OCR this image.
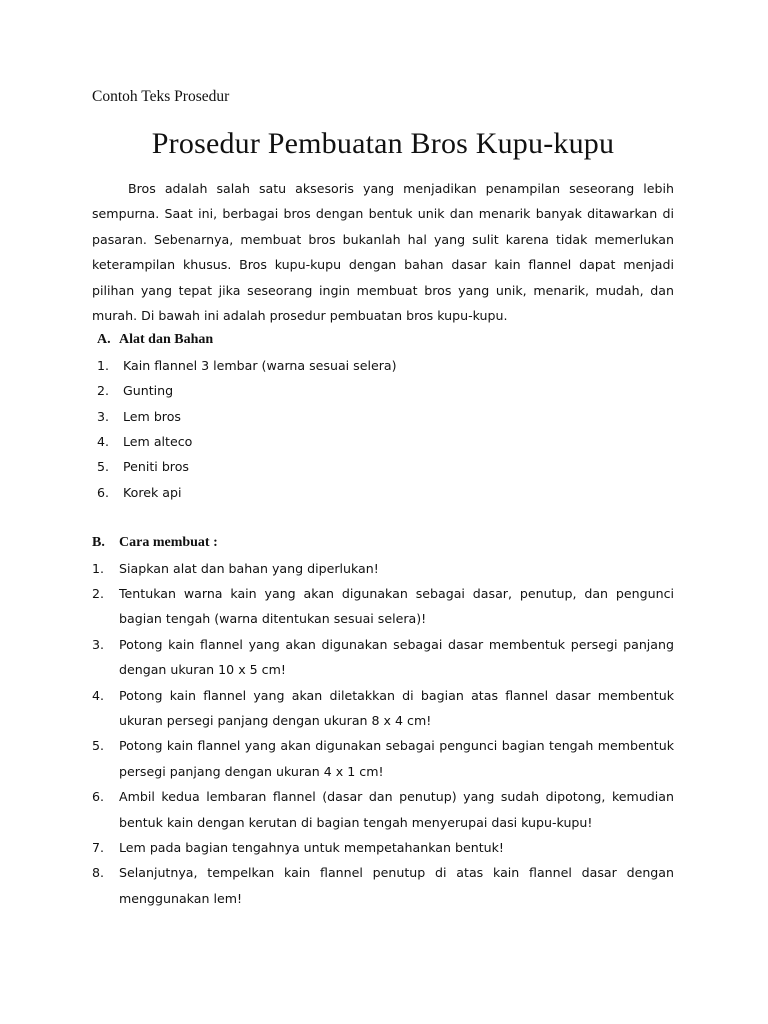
Contoh Teks Prosedur
Prosedur Pembuatan Bros Kupu-kupu

Bros adalah salah satu aksesoris yang menjadikan penampilan seseorang lebih sempurna. Saat ini, berbagai bros dengan bentuk unik dan menarik banyak ditawarkan di pasaran. Sebenarnya, membuat bros bukanlah hal yang sulit karena tidak memerlukan keterampilan khusus. Bros kupu-kupu dengan bahan dasar kain flannel dapat menjadi pilihan yang tepat jika seseorang ingin membuat bros yang unik, menarik, mudah, dan murah. Di bawah ini adalah prosedur pembuatan bros kupu-kupu.

A. Alat dan Bahan
1. Kain flannel 3 lembar (warna sesuai selera)
2. Gunting
3. Lem bros
4. Lem alteco
5. Peniti bros
6. Korek api
B. Cara membuat :
1. Siapkan alat dan bahan yang diperlukan!
2. Tentukan warna kain yang akan digunakan sebagai dasar, penutup, dan pengunci bagian tengah (warna ditentukan sesuai selera)!
3. Potong kain flannel yang akan digunakan sebagai dasar membentuk persegi panjang dengan ukuran 10 x 5 cm!
4. Potong kain flannel yang akan diletakkan di bagian atas flannel dasar membentuk ukuran persegi panjang dengan ukuran 8 x 4 cm!
5. Potong kain flannel yang akan digunakan sebagai pengunci bagian tengah membentuk persegi panjang dengan ukuran 4 x 1 cm!
6. Ambil kedua lembaran flannel (dasar dan penutup) yang sudah dipotong, kemudian bentuk kain dengan kerutan di bagian tengah menyerupai dasi kupu-kupu!
7. Lem pada bagian tengahnya untuk mempetahankan bentuk!
8. Selanjutnya, tempelkan kain flannel penutup di atas kain flannel dasar dengan menggunakan lem!
